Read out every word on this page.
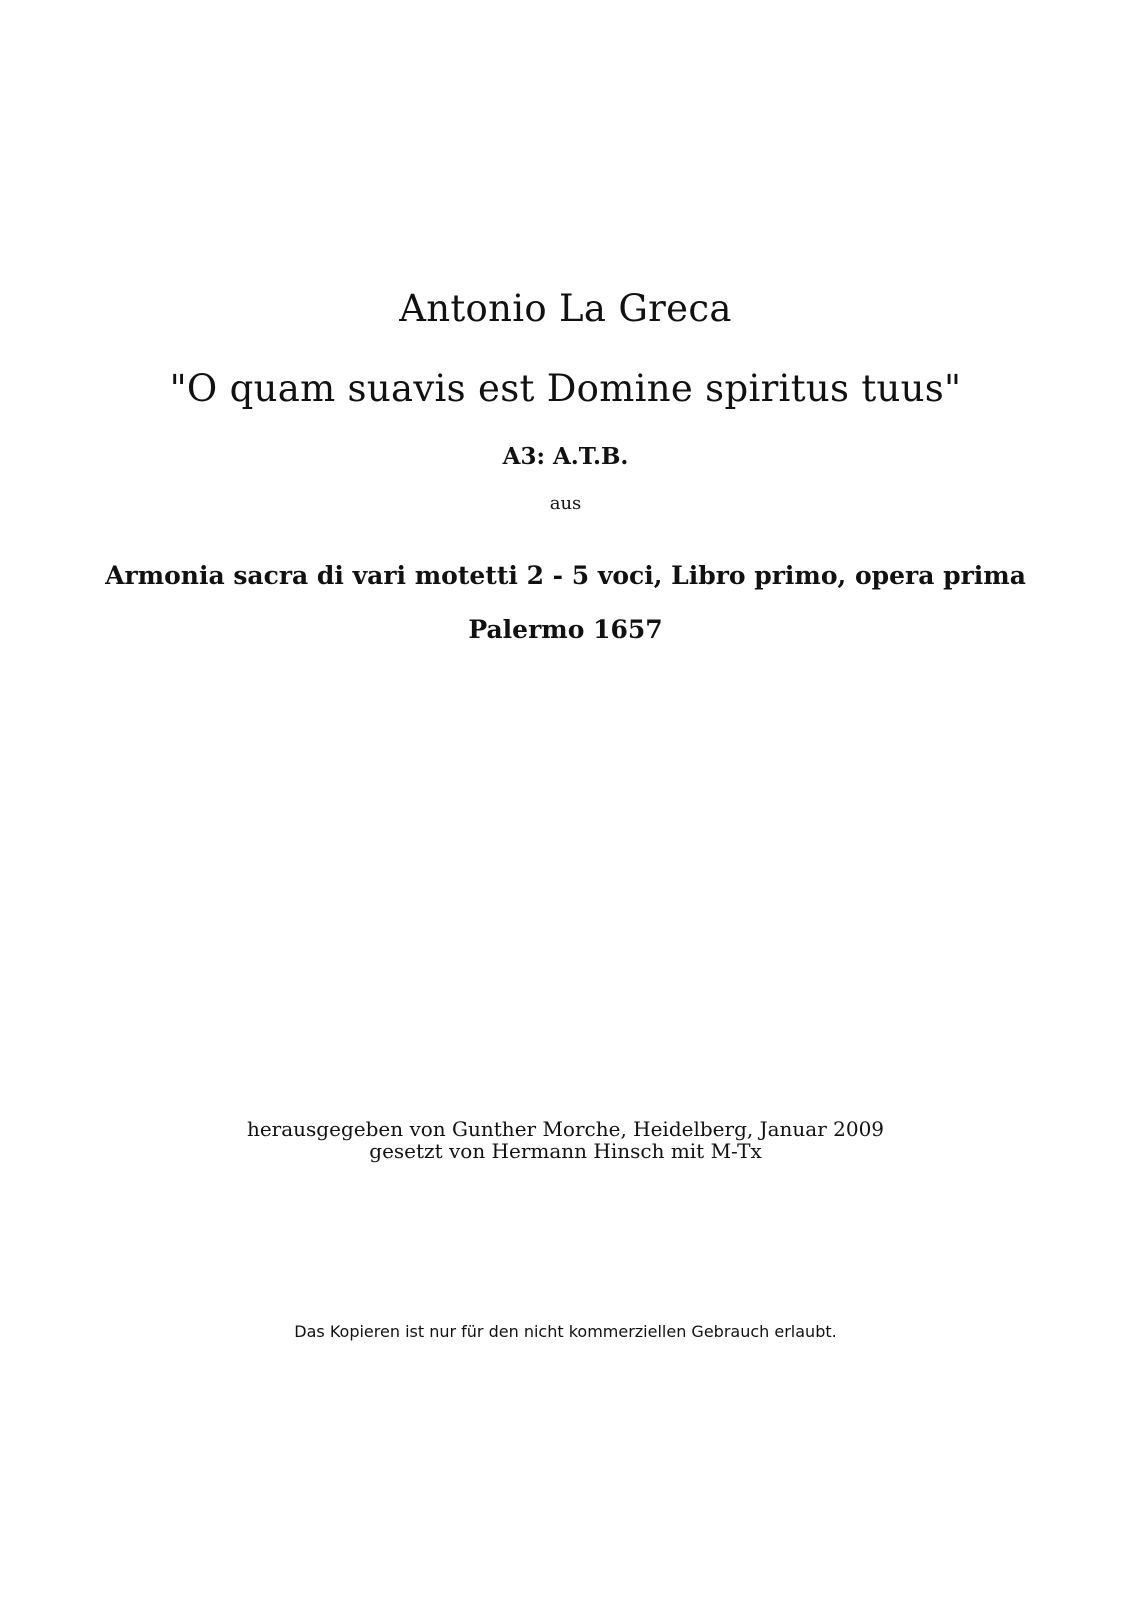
Antonio La Greca
"O quam suavis est Domine spiritus tuus"
A3: A.T.B.
aus
Armonia sacra di vari motetti 2 - 5 voci, Libro primo, opera prima
Palermo 1657
herausgegeben von Gunther Morche, Heidelberg, Januar 2009
gesetzt von Hermann Hinsch mit M-Tx
Das Kopieren ist nur für den nicht kommerziellen Gebrauch erlaubt.
